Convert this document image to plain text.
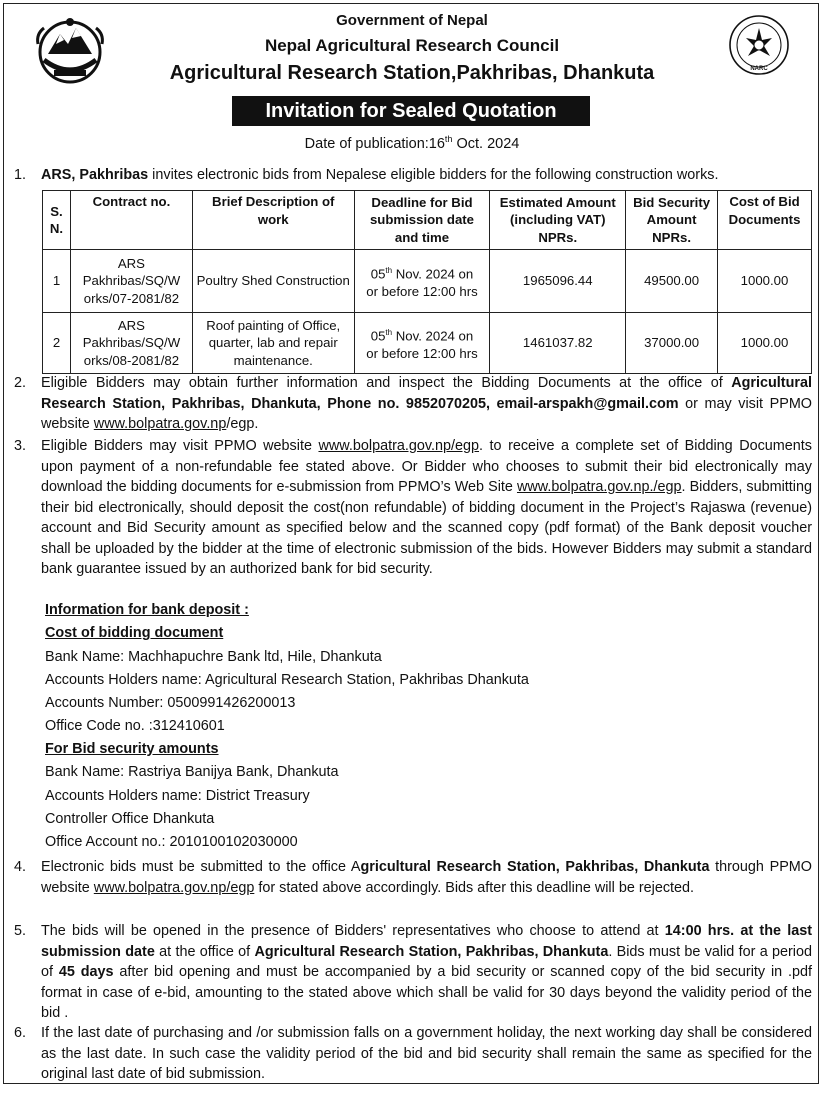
NARC
Government of Nepal
Nepal Agricultural Research Council
Agricultural Research Station,Pakhribas, Dhankuta
Invitation for Sealed Quotation
Date of publication:16th Oct. 2024
1.	ARS, Pakhribas invites electronic bids from Nepalese eligible bidders for the following construction works.
S. N.	Contract no.	Brief Description of work	Deadline for Bid submission date and time	Estimated Amount (including VAT) NPRs.	Bid Security Amount NPRs.	Cost of Bid Documents
1	ARS
Pakhribas/SQ/W
orks/07-2081/82	Poultry Shed Construction	05th Nov. 2024 on
or before 12:00 hrs	1965096.44	49500.00	1000.00
2	ARS
Pakhribas/SQ/W
orks/08-2081/82	Roof painting of Office, quarter, lab and repair maintenance.	05th Nov. 2024 on
or before 12:00 hrs	1461037.82	37000.00	1000.00
2.	Eligible Bidders may obtain further information and inspect the Bidding Documents at the office of Agricultural Research Station, Pakhribas, Dhankuta, Phone no. 9852070205, email-arspakh@gmail.com or may visit PPMO website www.bolpatra.gov.np/egp.
3.	Eligible Bidders may visit PPMO website www.bolpatra.gov.np/egp. to receive a complete set of Bidding Documents upon payment of a non-refundable fee stated above. Or Bidder who chooses to submit their bid electronically may download the bidding documents for e-submission from PPMO’s Web Site www.bolpatra.gov.np./egp. Bidders, submitting their bid electronically, should deposit the cost(non refundable) of bidding document in the Project’s Rajaswa (revenue) account and Bid Security amount as specified below and the scanned copy (pdf format) of the Bank deposit voucher shall be uploaded by the bidder at the time of electronic submission of the bids. However Bidders may submit a standard bank guarantee issued by an authorized bank for bid security.
Information for bank deposit :
Cost of bidding document
Bank Name: Machhapuchre Bank ltd, Hile, Dhankuta
Accounts Holders name: Agricultural Research Station, Pakhribas Dhankuta
Accounts Number: 0500991426200013
Office Code no. :312410601
For Bid security amounts
Bank Name: Rastriya Banijya Bank, Dhankuta
Accounts Holders name: District Treasury
Controller Office Dhankuta
Office Account no.: 2010100102030000
4.	Electronic bids must be submitted to the office Agricultural Research Station, Pakhribas, Dhankuta through PPMO website www.bolpatra.gov.np/egp for stated above accordingly. Bids after this deadline will be rejected.
5.	The bids will be opened in the presence of Bidders' representatives who choose to attend at 14:00 hrs. at the last submission date at the office of Agricultural Research Station, Pakhribas, Dhankuta. Bids must be valid for a period of 45 days after bid opening and must be accompanied by a bid security or scanned copy of the bid security in .pdf format in case of e-bid, amounting to the stated above which shall be valid for 30 days beyond the validity period of the bid .
6.	If the last date of purchasing and /or submission falls on a government holiday, the next working day shall be considered as the last date. In such case the validity period of the bid and bid security shall remain the same as specified for the original last date of bid submission.
